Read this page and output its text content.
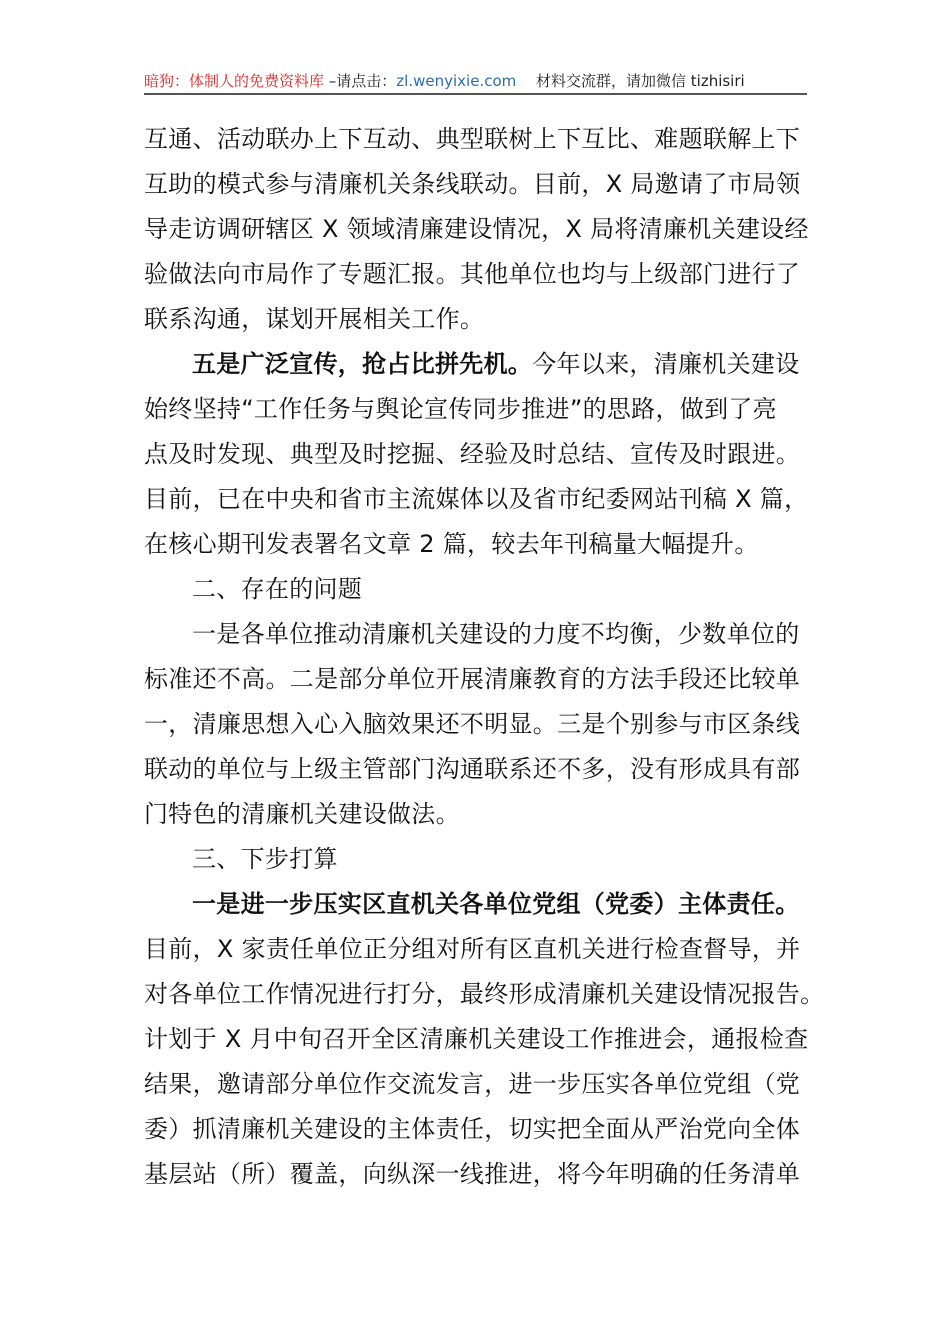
暗狗：体制人的免费资料库 –请点击：zl.wenyixie.com　 材料交流群，请加微信 tizhisiri
互通、活动联办上下互动、典型联树上下互比、难题联解上下
互助的模式参与清廉机关条线联动。目前，X 局邀请了市局领
导走访调研辖区 X 领域清廉建设情况，X 局将清廉机关建设经
验做法向市局作了专题汇报。其他单位也均与上级部门进行了
联系沟通，谋划开展相关工作。
五是广泛宣传，抢占比拼先机。今年以来，清廉机关建设
始终坚持“工作任务与舆论宣传同步推进”的思路，做到了亮
点及时发现、典型及时挖掘、经验及时总结、宣传及时跟进。
目前，已在中央和省市主流媒体以及省市纪委网站刊稿 X 篇，
在核心期刊发表署名文章 2 篇，较去年刊稿量大幅提升。
二、存在的问题
一是各单位推动清廉机关建设的力度不均衡，少数单位的
标准还不高。二是部分单位开展清廉教育的方法手段还比较单
一，清廉思想入心入脑效果还不明显。三是个别参与市区条线
联动的单位与上级主管部门沟通联系还不多，没有形成具有部
门特色的清廉机关建设做法。
三、下步打算
一是进一步压实区直机关各单位党组（党委）主体责任。
目前，X 家责任单位正分组对所有区直机关进行检查督导，并
对各单位工作情况进行打分，最终形成清廉机关建设情况报告。
计划于 X 月中旬召开全区清廉机关建设工作推进会，通报检查
结果，邀请部分单位作交流发言，进一步压实各单位党组（党
委）抓清廉机关建设的主体责任，切实把全面从严治党向全体
基层站（所）覆盖，向纵深一线推进，将今年明确的任务清单
